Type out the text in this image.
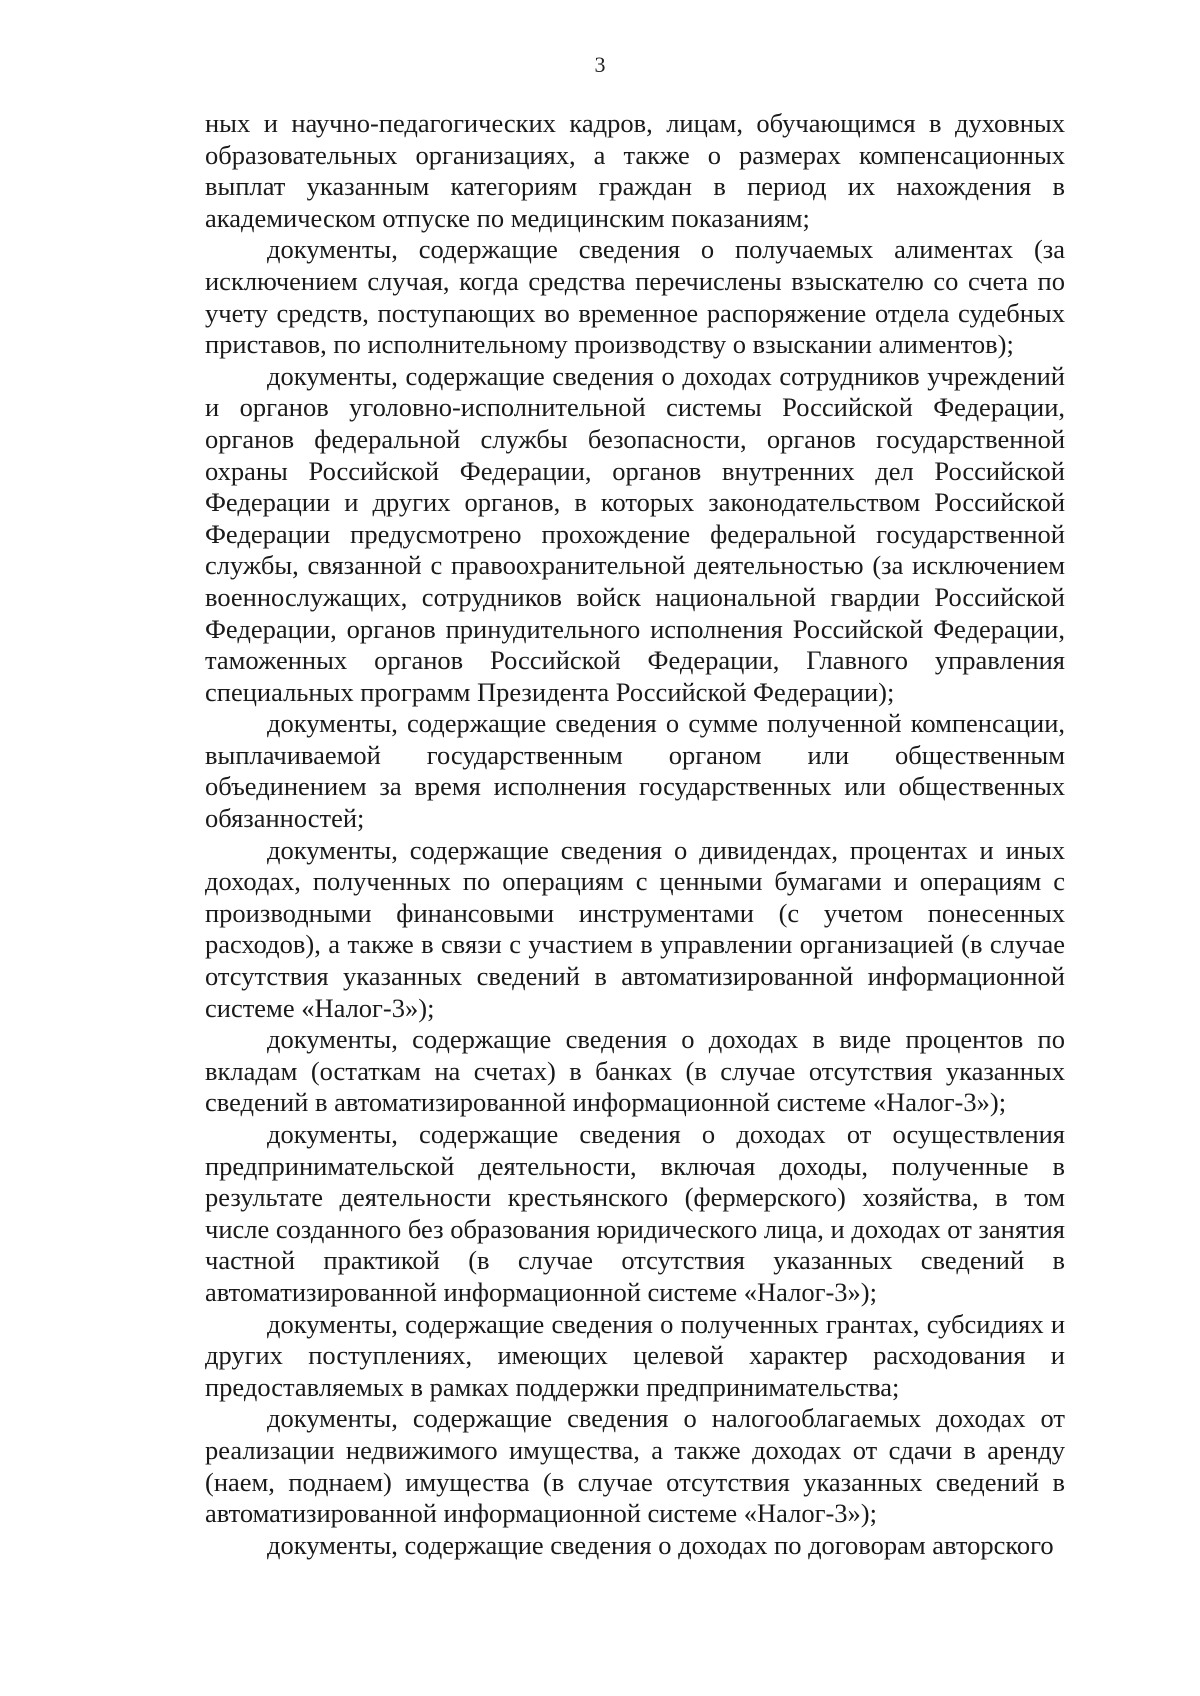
3

ных и научно-педагогических кадров, лицам, обучающимся в духовных образовательных организациях, а также о размерах компенсационных выплат указанным категориям граждан в период их нахождения в академическом отпуске по медицинским показаниям;

документы, содержащие сведения о получаемых алиментах (за исключением случая, когда средства перечислены взыскателю со счета по учету средств, поступающих во временное распоряжение отдела судебных приставов, по исполнительному производству о взыскании алиментов);

документы, содержащие сведения о доходах сотрудников учреждений и органов уголовно-исполнительной системы Российской Федерации, органов федеральной службы безопасности, органов государственной охраны Российской Федерации, органов внутренних дел Российской Федерации и других органов, в которых законодательством Российской Федерации предусмотрено прохождение федеральной государственной службы, связанной с правоохранительной деятельностью (за исключением военнослужащих, сотрудников войск национальной гвардии Российской Федерации, органов принудительного исполнения Российской Федерации, таможенных органов Российской Федерации, Главного управления специальных программ Президента Российской Федерации);

документы, содержащие сведения о сумме полученной компенсации, выплачиваемой государственным органом или общественным объединением за время исполнения государственных или общественных обязанностей;

документы, содержащие сведения о дивидендах, процентах и иных доходах, полученных по операциям с ценными бумагами и операциям с производными финансовыми инструментами (с учетом понесенных расходов), а также в связи с участием в управлении организацией (в случае отсутствия указанных сведений в автоматизированной информационной системе «Налог-3»);

документы, содержащие сведения о доходах в виде процентов по вкладам (остаткам на счетах) в банках (в случае отсутствия указанных сведений в автоматизированной информационной системе «Налог-3»);

документы, содержащие сведения о доходах от осуществления предпринимательской деятельности, включая доходы, полученные в результате деятельности крестьянского (фермерского) хозяйства, в том числе созданного без образования юридического лица, и доходах от занятия частной практикой (в случае отсутствия указанных сведений в автоматизированной информационной системе «Налог-3»);

документы, содержащие сведения о полученных грантах, субсидиях и других поступлениях, имеющих целевой характер расходования и предоставляемых в рамках поддержки предпринимательства;

документы, содержащие сведения о налогооблагаемых доходах от реализации недвижимого имущества, а также доходах от сдачи в аренду (наем, поднаем) имущества (в случае отсутствия указанных сведений в автоматизированной информационной системе «Налог-3»);

документы, содержащие сведения о доходах по договорам авторского
